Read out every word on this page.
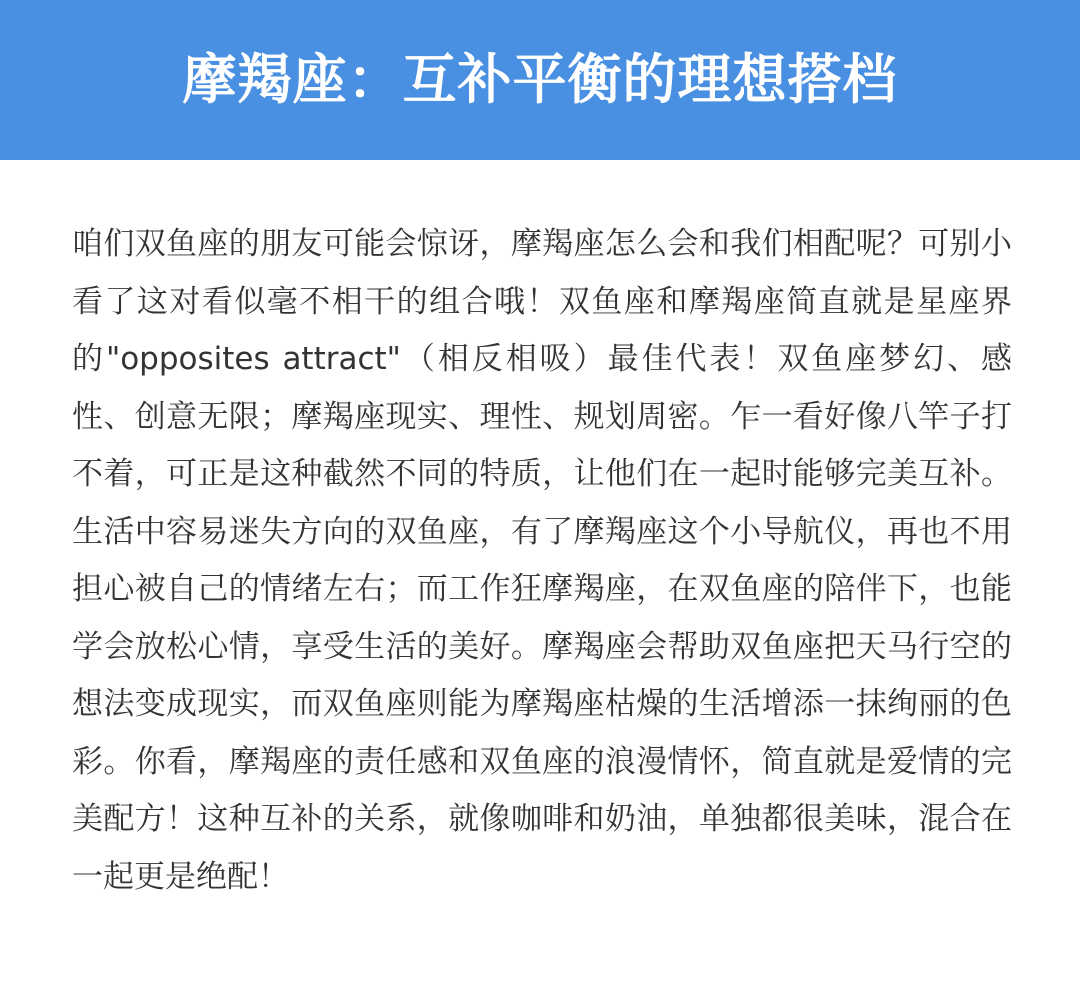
摩羯座：互补平衡的理想搭档

咱们双鱼座的朋友可能会惊讶，摩羯座怎么会和我们相配呢？可别小看了这对看似毫不相干的组合哦！双鱼座和摩羯座简直就是星座界的"opposites attract"（相反相吸）最佳代表！双鱼座梦幻、感性、创意无限；摩羯座现实、理性、规划周密。乍一看好像八竿子打不着，可正是这种截然不同的特质，让他们在一起时能够完美互补。生活中容易迷失方向的双鱼座，有了摩羯座这个小导航仪，再也不用担心被自己的情绪左右；而工作狂摩羯座，在双鱼座的陪伴下，也能学会放松心情，享受生活的美好。摩羯座会帮助双鱼座把天马行空的想法变成现实，而双鱼座则能为摩羯座枯燥的生活增添一抹绚丽的色彩。你看，摩羯座的责任感和双鱼座的浪漫情怀，简直就是爱情的完美配方！这种互补的关系，就像咖啡和奶油，单独都很美味，混合在一起更是绝配！
